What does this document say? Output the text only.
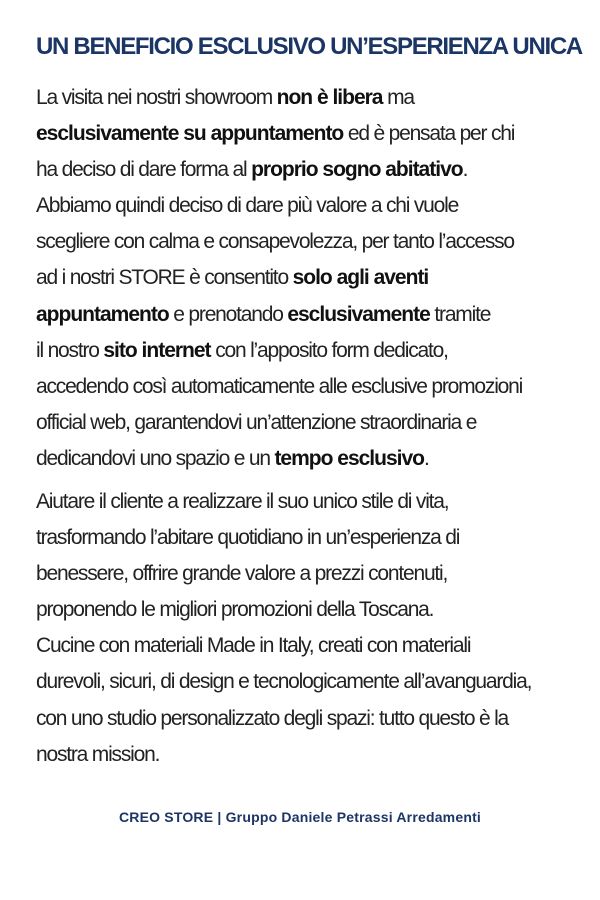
UN BENEFICIO ESCLUSIVO UN’ESPERIENZA UNICA

La visita nei nostri showroom non è libera ma
esclusivamente su appuntamento ed è pensata per chi
ha deciso di dare forma al proprio sogno abitativo.
Abbiamo quindi deciso di dare più valore a chi vuole
scegliere con calma e consapevolezza, per tanto l’accesso
ad i nostri STORE è consentito solo agli aventi
appuntamento e prenotando esclusivamente tramite
il nostro sito internet con l’apposito form dedicato,
accedendo così automaticamente alle esclusive promozioni
official web, garantendovi un’attenzione straordinaria e
dedicandovi uno spazio e un tempo esclusivo.

Aiutare il cliente a realizzare il suo unico stile di vita,
trasformando l’abitare quotidiano in un’esperienza di
benessere, offrire grande valore a prezzi contenuti,
proponendo le migliori promozioni della Toscana.
Cucine con materiali Made in Italy, creati con materiali
durevoli, sicuri, di design e tecnologicamente all’avanguardia,
con uno studio personalizzato degli spazi: tutto questo è la
nostra mission.

CREO STORE | Gruppo Daniele Petrassi Arredamenti
